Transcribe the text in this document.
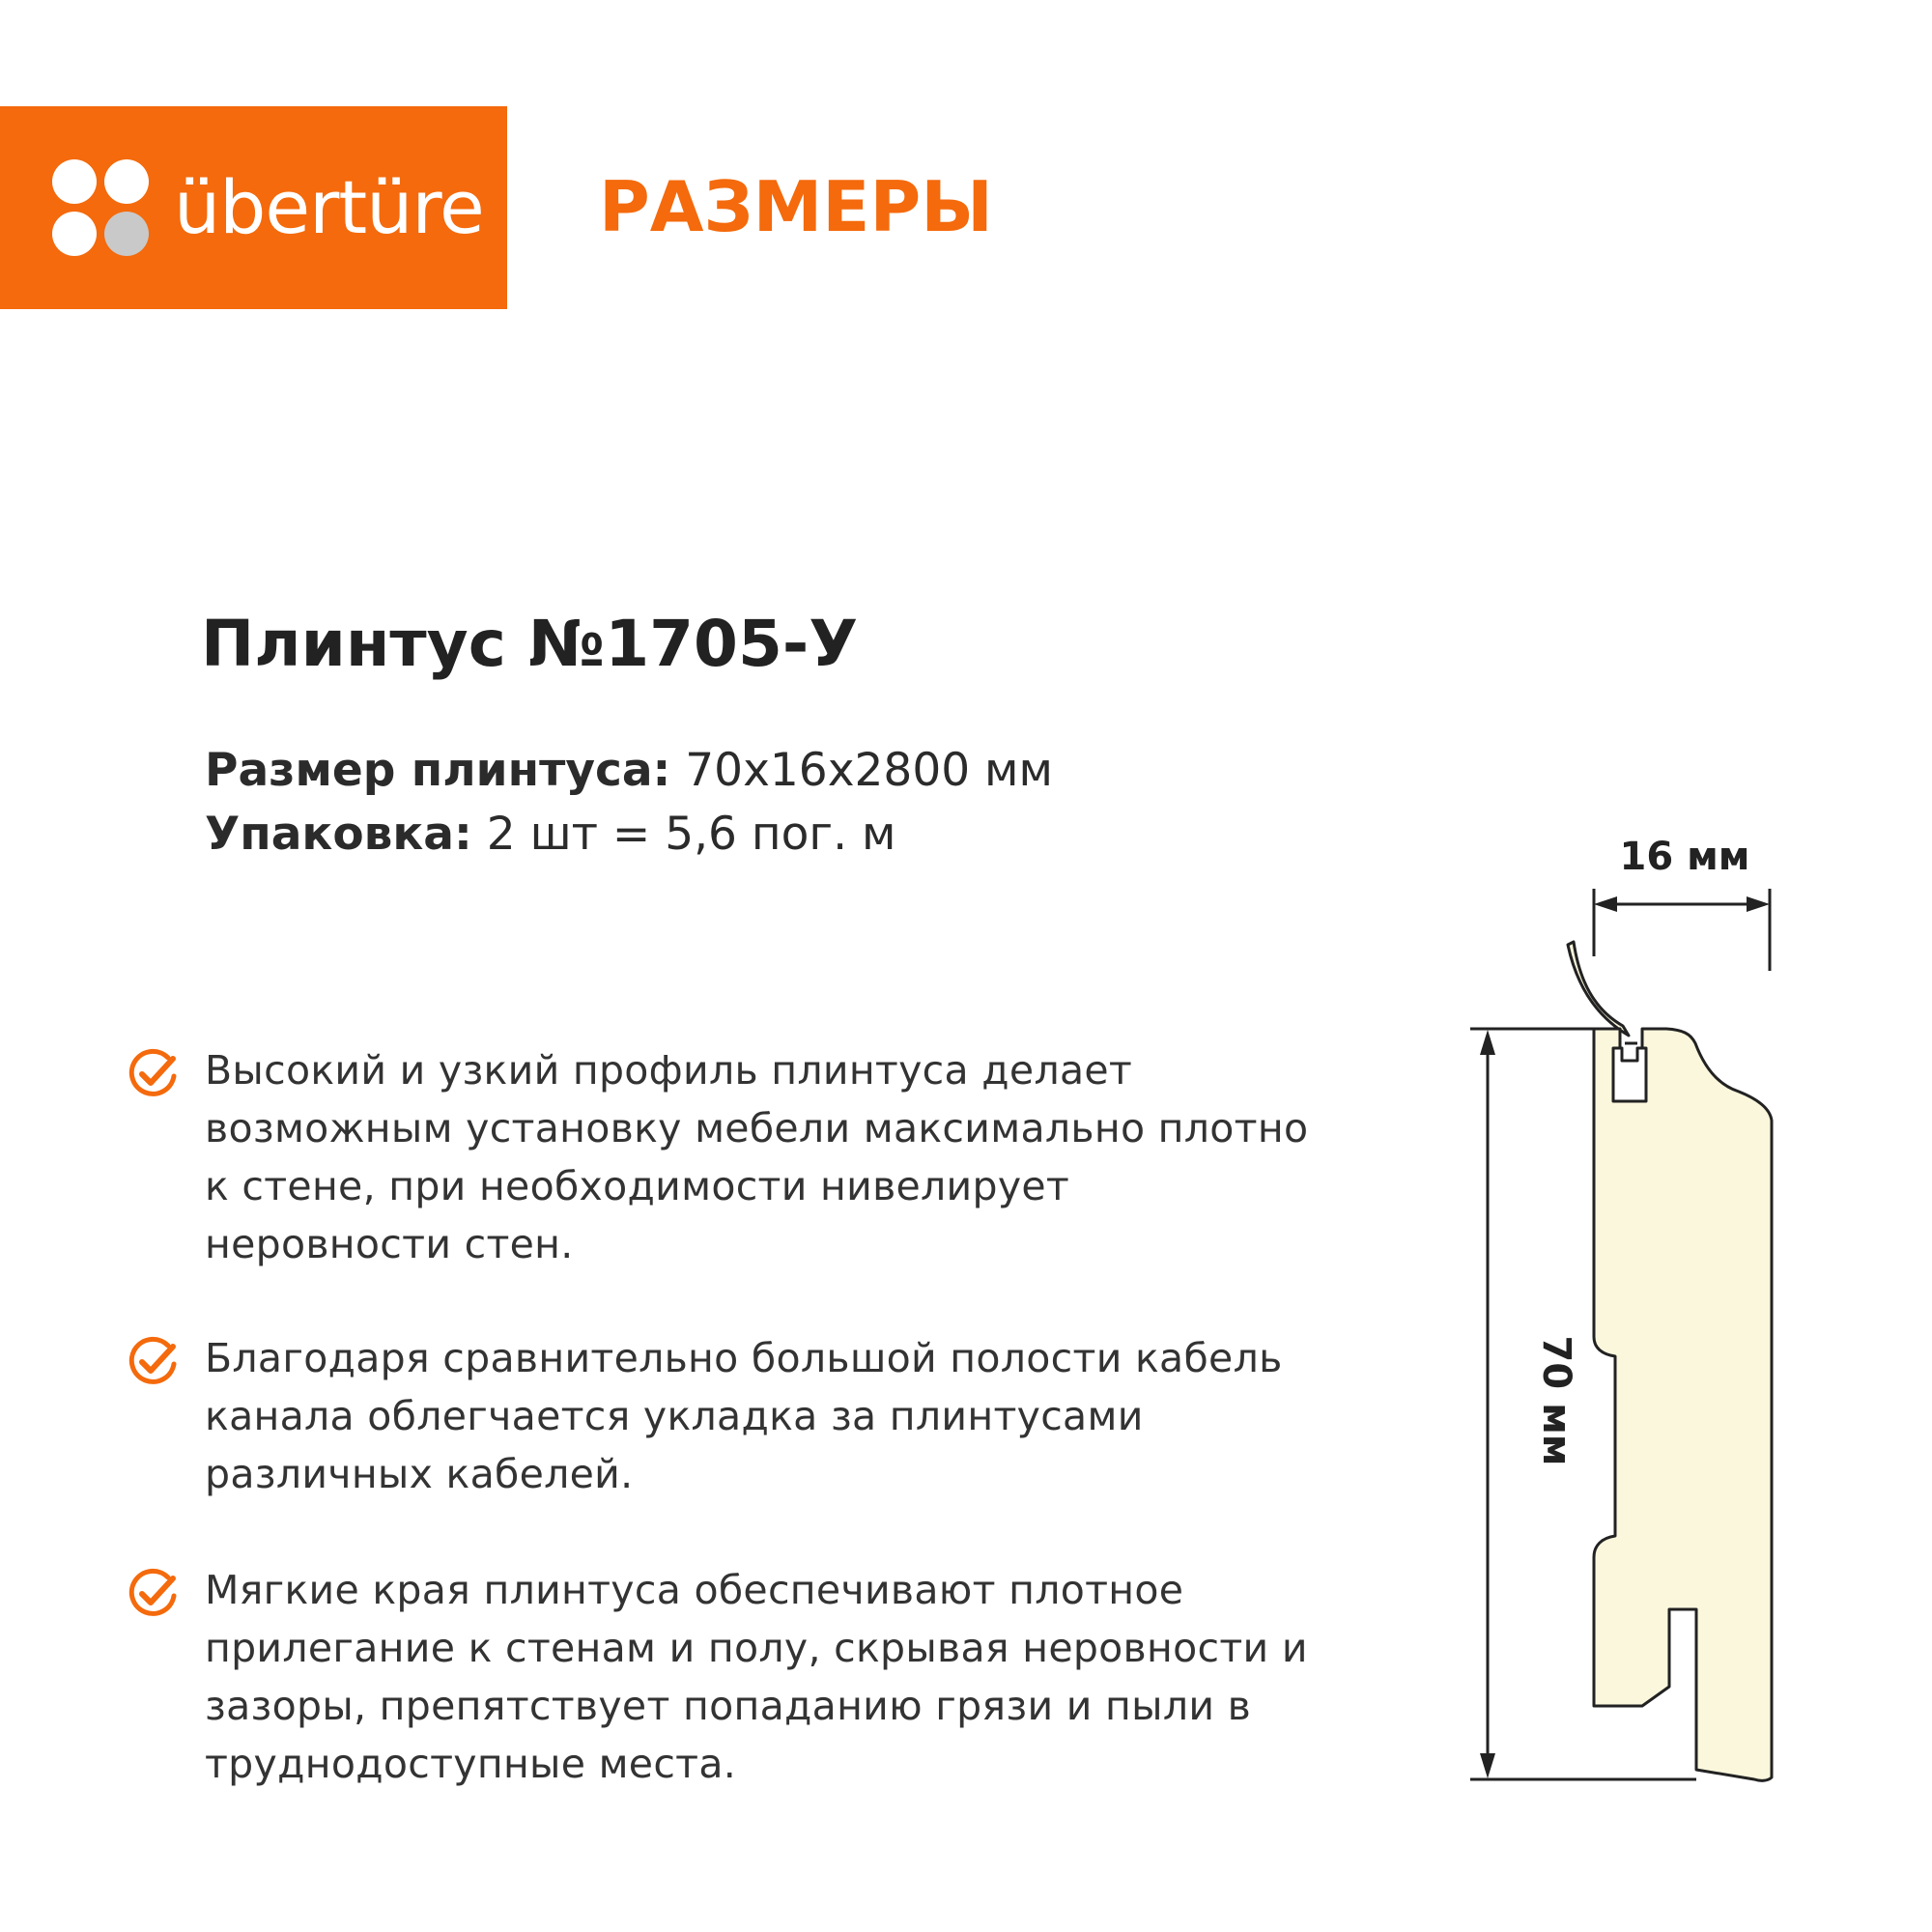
übertüre РАЗМЕРЫ
Плинтус №1705-У
Размер плинтуса: 70х16х2800 мм
Упаковка: 2 шт = 5,6 пог. м
Высокий и узкий профиль плинтуса делает возможным установку мебели максимально плотно к стене, при необходимости нивелирует неровности стен.
Благодаря сравнительно большой полости кабель канала облегчается укладка за плинтусами различных кабелей.
Мягкие края плинтуса обеспечивают плотное прилегание к стенам и полу, скрывая неровности и зазоры, препятствует попаданию грязи и пыли в труднодоступные места.
16 мм
70 мм
